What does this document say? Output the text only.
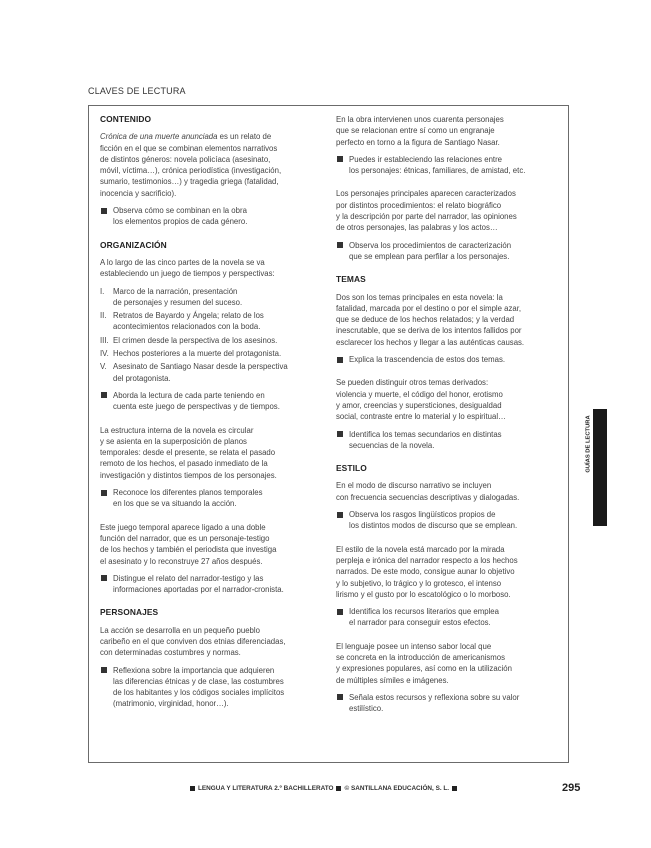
CLAVES DE LECTURA
CONTENIDO
Crónica de una muerte anunciada es un relato de
ficción en el que se combinan elementos narrativos
de distintos géneros: novela policíaca (asesinato,
móvil, víctima…), crónica periodística (investigación,
sumario, testimonios…) y tragedia griega (fatalidad,
inocencia y sacrificio).
Observa cómo se combinan en la obra
los elementos propios de cada género.
ORGANIZACIÓN
A lo largo de las cinco partes de la novela se va
estableciendo un juego de tiempos y perspectivas:
I. Marco de la narración, presentación
de personajes y resumen del suceso.
II. Retratos de Bayardo y Ángela; relato de los
acontecimientos relacionados con la boda.
III. El crimen desde la perspectiva de los asesinos.
IV. Hechos posteriores a la muerte del protagonista.
V. Asesinato de Santiago Nasar desde la perspectiva
del protagonista.
Aborda la lectura de cada parte teniendo en
cuenta este juego de perspectivas y de tiempos.
La estructura interna de la novela es circular
y se asienta en la superposición de planos
temporales: desde el presente, se relata el pasado
remoto de los hechos, el pasado inmediato de la
investigación y distintos tiempos de los personajes.
Reconoce los diferentes planos temporales
en los que se va situando la acción.
Este juego temporal aparece ligado a una doble
función del narrador, que es un personaje-testigo
de los hechos y también el periodista que investiga
el asesinato y lo reconstruye 27 años después.
Distingue el relato del narrador-testigo y las
informaciones aportadas por el narrador-cronista.
PERSONAJES
La acción se desarrolla en un pequeño pueblo
caribeño en el que conviven dos etnias diferenciadas,
con determinadas costumbres y normas.
Reflexiona sobre la importancia que adquieren
las diferencias étnicas y de clase, las costumbres
de los habitantes y los códigos sociales implícitos
(matrimonio, virginidad, honor…).
En la obra intervienen unos cuarenta personajes
que se relacionan entre sí como un engranaje
perfecto en torno a la figura de Santiago Nasar.
Puedes ir estableciendo las relaciones entre
los personajes: étnicas, familiares, de amistad, etc.
Los personajes principales aparecen caracterizados
por distintos procedimientos: el relato biográfico
y la descripción por parte del narrador, las opiniones
de otros personajes, las palabras y los actos…
Observa los procedimientos de caracterización
que se emplean para perfilar a los personajes.
TEMAS
Dos son los temas principales en esta novela: la
fatalidad, marcada por el destino o por el simple azar,
que se deduce de los hechos relatados; y la verdad
inescrutable, que se deriva de los intentos fallidos por
esclarecer los hechos y llegar a las auténticas causas.
Explica la trascendencia de estos dos temas.
Se pueden distinguir otros temas derivados:
violencia y muerte, el código del honor, erotismo
y amor, creencias y supersticiones, desigualdad
social, contraste entre lo material y lo espiritual…
Identifica los temas secundarios en distintas
secuencias de la novela.
ESTILO
En el modo de discurso narrativo se incluyen
con frecuencia secuencias descriptivas y dialogadas.
Observa los rasgos lingüísticos propios de
los distintos modos de discurso que se emplean.
El estilo de la novela está marcado por la mirada
perpleja e irónica del narrador respecto a los hechos
narrados. De este modo, consigue aunar lo objetivo
y lo subjetivo, lo trágico y lo grotesco, el intenso
lirismo y el gusto por lo escatológico o lo morboso.
Identifica los recursos literarios que emplea
el narrador para conseguir estos efectos.
El lenguaje posee un intenso sabor local que
se concreta en la introducción de americanismos
y expresiones populares, así como en la utilización
de múltiples símiles e imágenes.
Señala estos recursos y reflexiona sobre su valor
estilístico.
GUÍAS DE LECTURA
LENGUA Y LITERATURA 2.º BACHILLERATO © SANTILLANA EDUCACIÓN, S. L.	295
